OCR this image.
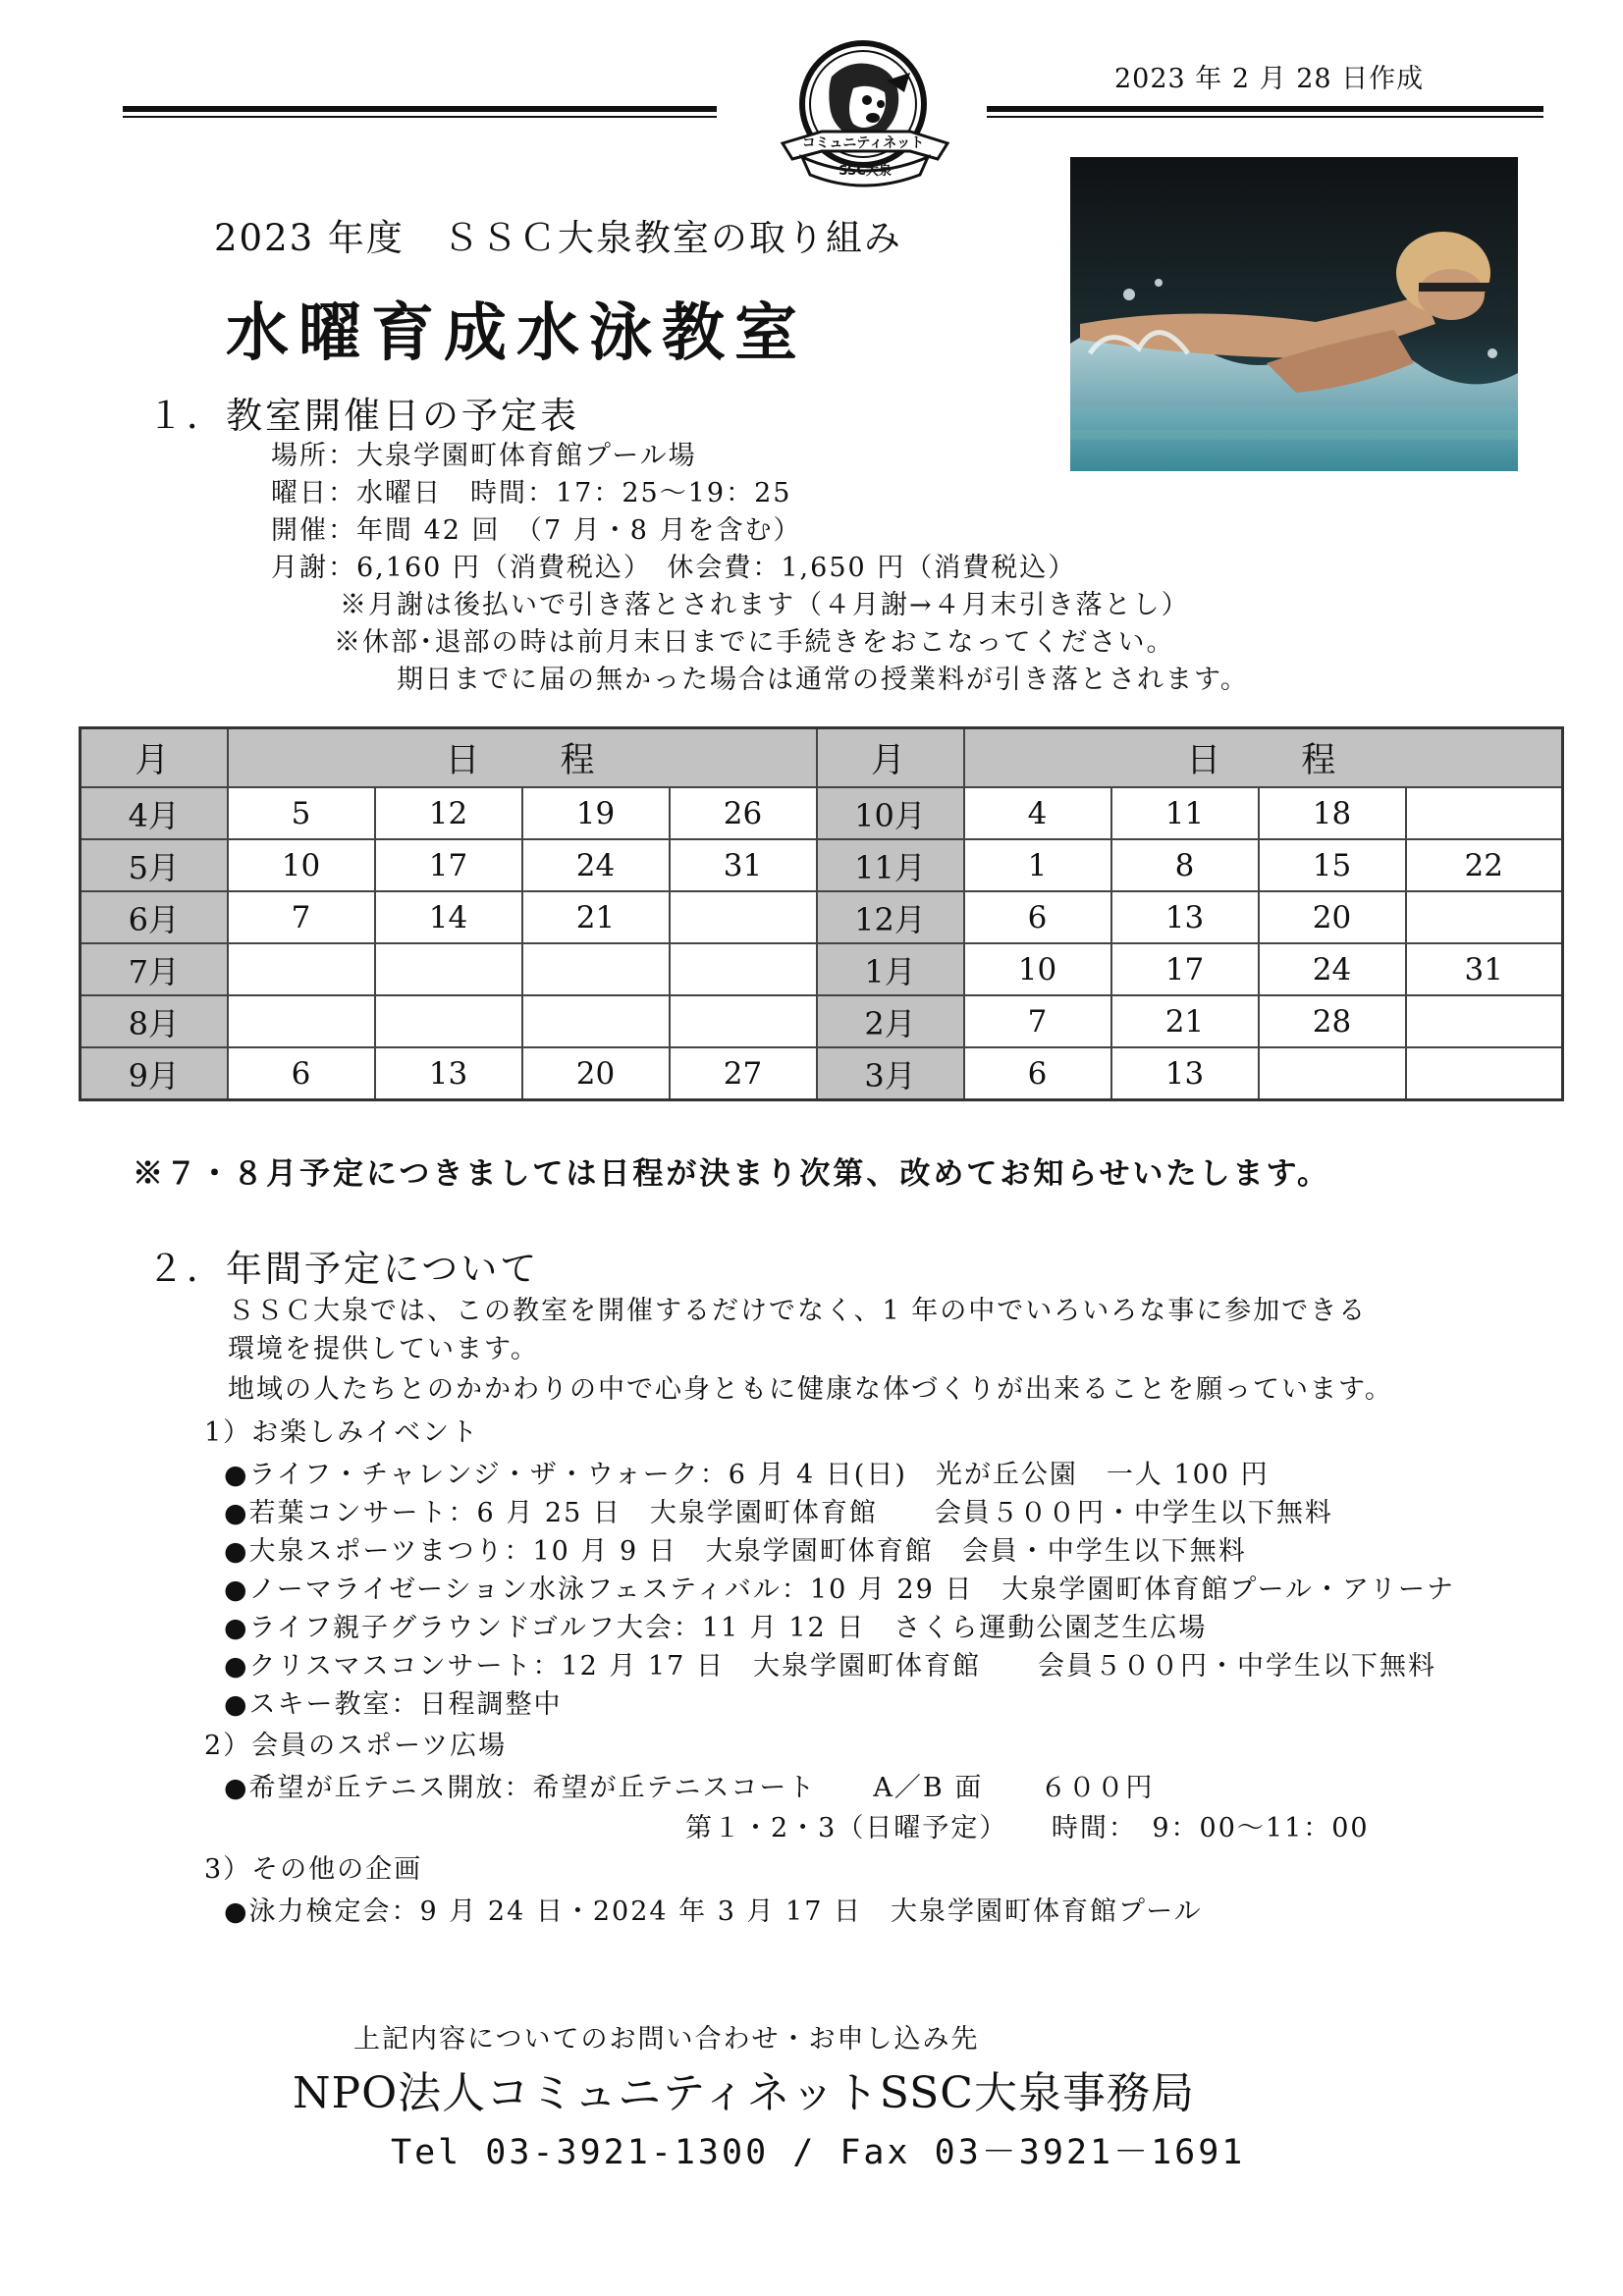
2023 年 2 月 28 日作成
コミュニティネット
SSC大泉
2023 年度　ＳＳＣ大泉教室の取り組み
水曜育成水泳教室
１．教室開催日の予定表
場所：大泉学園町体育館プール場
曜日：水曜日　時間：17：25～19：25
開催：年間 42 回　（7 月・8 月を含む）
月謝：6,160 円（消費税込）　休会費：1,650 円（消費税込）
※月謝は後払いで引き落とされます（４月謝→４月末引き落とし）
※休部･退部の時は前月末日までに手続きをおこなってください。
期日までに届の無かった場合は通常の授業料が引き落とされます。
月	日　　程				月	日　　程			
4月	5	12	19	26	10月	4	11	18	
5月	10	17	24	31	11月	1	8	15	22
6月	7	14	21		12月	6	13	20	
7月					1月	10	17	24	31
8月					2月	7	21	28	
9月	6	13	20	27	3月	6	13		
※７・８月予定につきましては日程が決まり次第、改めてお知らせいたします。
２．年間予定について
ＳＳＣ大泉では、この教室を開催するだけでなく、1 年の中でいろいろな事に参加できる
環境を提供しています。
地域の人たちとのかかわりの中で心身ともに健康な体づくりが出来ることを願っています。
1）お楽しみイベント
●ライフ・チャレンジ・ザ・ウォーク：6 月 4 日(日)　光が丘公園　一人 100 円
●若葉コンサート：6 月 25 日　大泉学園町体育館　　会員５００円・中学生以下無料
●大泉スポーツまつり：10 月 9 日　大泉学園町体育館　会員・中学生以下無料
●ノーマライゼーション水泳フェスティバル：10 月 29 日　大泉学園町体育館プール・アリーナ
●ライフ親子グラウンドゴルフ大会：11 月 12 日　さくら運動公園芝生広場
●クリスマスコンサート：12 月 17 日　大泉学園町体育館　　会員５００円・中学生以下無料
●スキー教室：日程調整中
2）会員のスポーツ広場
●希望が丘テニス開放：希望が丘テニスコート　　A／B 面　　６００円
第１・2・3（日曜予定）　　時間：　9：00～11：00
3）その他の企画
●泳力検定会：9 月 24 日・2024 年 3 月 17 日　大泉学園町体育館プール
上記内容についてのお問い合わせ・お申し込み先
NPO法人コミュニティネットSSC大泉事務局
Tel 03-3921-1300 / Fax 03－3921－1691
